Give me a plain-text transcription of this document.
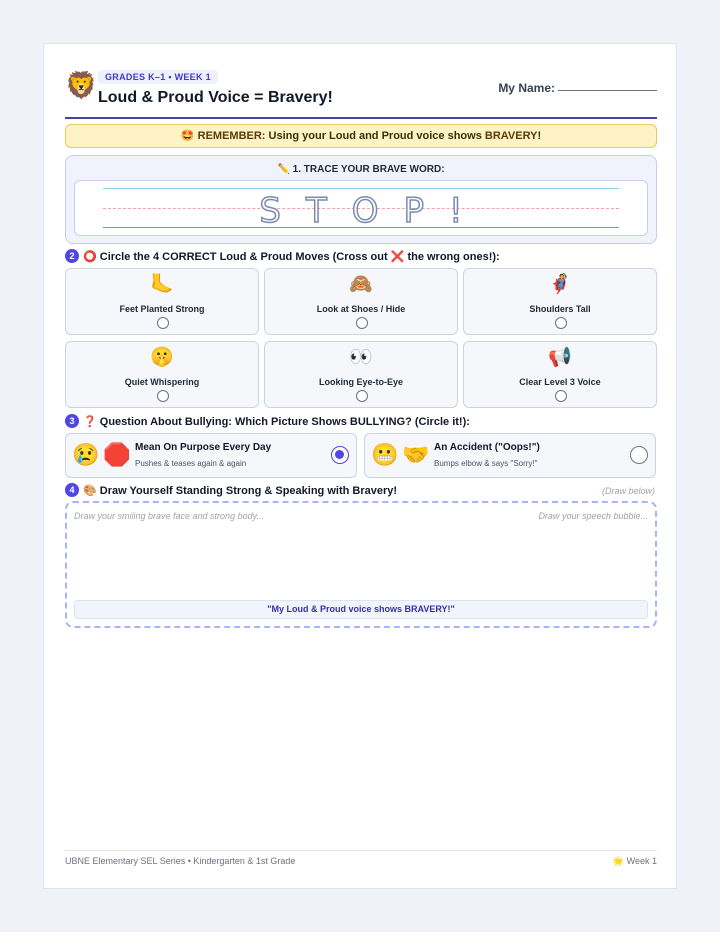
🦁 GRADES K–1 • WEEK 1
Loud & Proud Voice = Bravery!
My Name:
🤩 REMEMBER: Using your Loud and Proud voice shows BRAVERY!
✏️ 1. TRACE YOUR BRAVE WORD:
STOP!
2 ⭕ Circle the 4 CORRECT Loud & Proud Moves (Cross out ❌ the wrong ones!):
🦶
Feet Planted Strong
🙈
Look at Shoes / Hide
🦸
Shoulders Tall
🤫
Quiet Whispering
👀
Looking Eye-to-Eye
📢
Clear Level 3 Voice
3 ❓ Question About Bullying: Which Picture Shows BULLYING? (Circle it!):
😢🛑 Mean On Purpose Every Day
Pushes & teases again & again	😬🤝 An Accident ("Oops!")
Bumps elbow & says "Sorry!"
4 🎨 Draw Yourself Standing Strong & Speaking with Bravery!	(Draw below)
Draw your smiling brave face and strong body...	Draw your speech bubble...
"My Loud & Proud voice shows BRAVERY!"
UBNE Elementary SEL Series • Kindergarten & 1st Grade	🌟 Week 1
